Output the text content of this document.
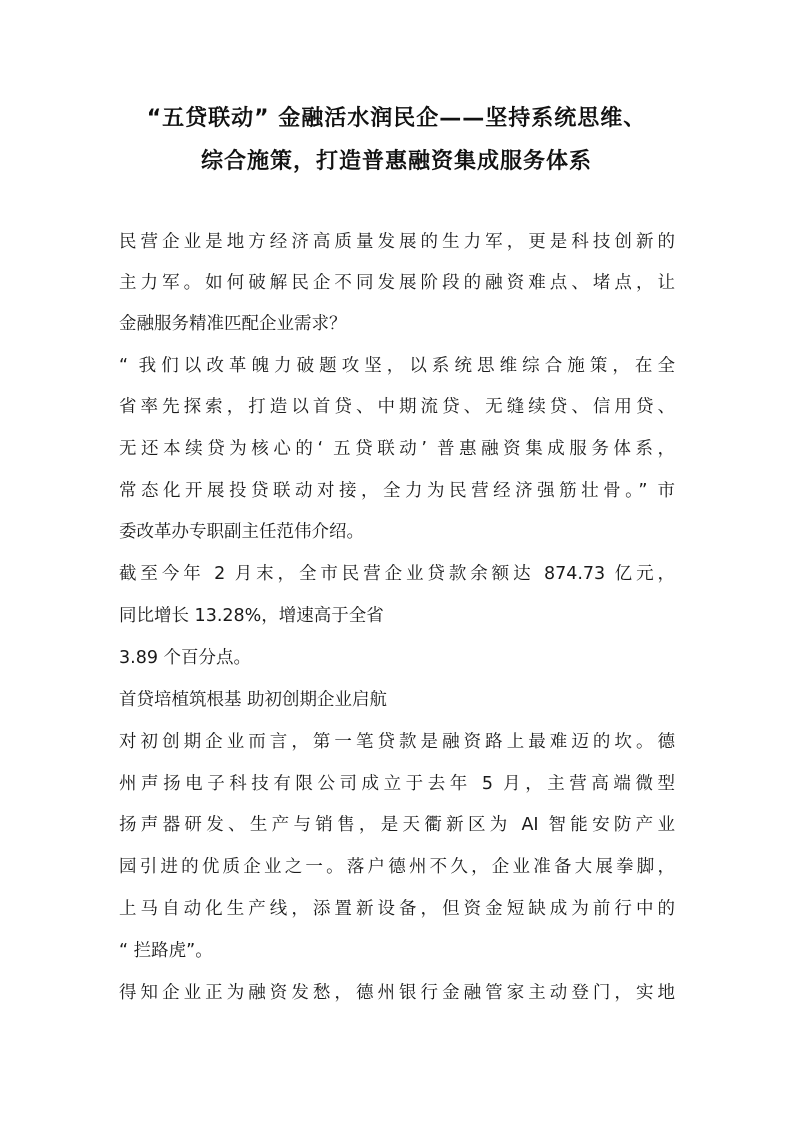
“五贷联动” 金融活水润民企——坚持系统思维、
综合施策，打造普惠融资集成服务体系
民营企业是地方经济高质量发展的生力军，更是科技创新的
主力军。如何破解民企不同发展阶段的融资难点、堵点，让
金融服务精准匹配企业需求？
“ 我们以改革魄力破题攻坚，以系统思维综合施策，在全
省率先探索，打造以首贷、中期流贷、无缝续贷、信用贷、
无还本续贷为核心的‘ 五贷联动’ 普惠融资集成服务体系，
常态化开展投贷联动对接，全力为民营经济强筋壮骨。” 市
委改革办专职副主任范伟介绍。
截至今年 2 月末，全市民营企业贷款余额达 874.73 亿元，
同比增长 13.28%，增速高于全省
3.89 个百分点。
首贷培植筑根基 助初创期企业启航
对初创期企业而言，第一笔贷款是融资路上最难迈的坎。德
州声扬电子科技有限公司成立于去年 5 月，主营高端微型
扬声器研发、生产与销售，是天衢新区为 AI 智能安防产业
园引进的优质企业之一。落户德州不久，企业准备大展拳脚，
上马自动化生产线，添置新设备，但资金短缺成为前行中的
“ 拦路虎”。
得知企业正为融资发愁，德州银行金融管家主动登门，实地
